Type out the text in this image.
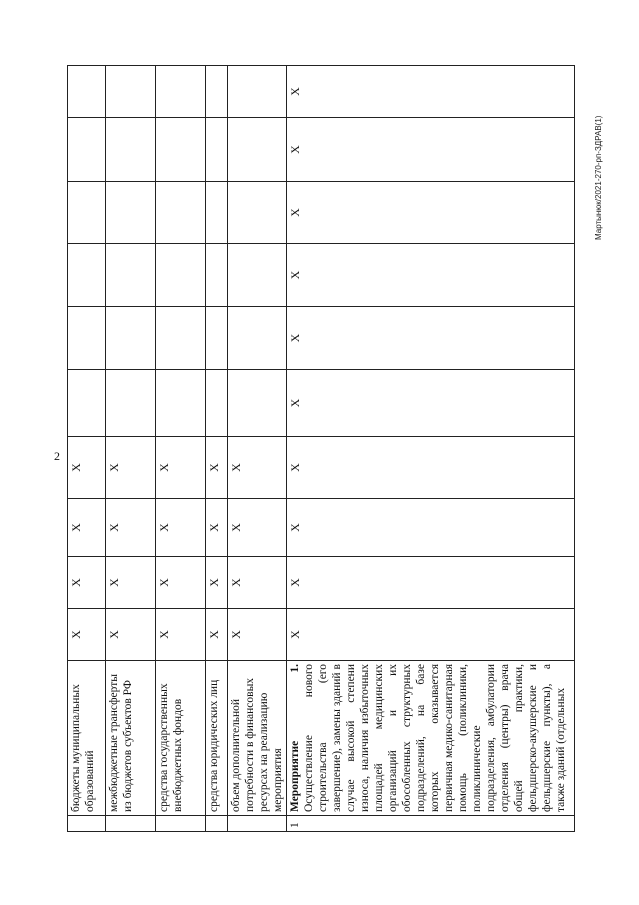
2
Мартынюк/2021-270-рп-ЗДРАВ(1)
	бюджеты муниципальных образований	X	X	X	X						
	межбюджетные трансферты из бюджетов субъектов РФ	X	X	X	X						
	средства государственных внебюджетных фондов	X	X	X	X						
	средства юридических лиц	X	X	X	X						
	объем дополнительной потребности в финансовых ресурсах на реализацию мероприятия	X	X	X	X						
1	Мероприятие 1. Осуществление нового строительства (его завершение), замены зданий в случае высокой степени износа, наличия избыточных площадей медицинских организаций и их обособленных структурных подразделений, на базе которых оказывается первичная медико-санитарная помощь (поликлиники, поликлинические подразделения, амбулатории отделения (центры) врача общей практики, фельдшерско-акушерские и фельдшерские пункты), а также зданий (отдельных	X	X	X	X	X	X	X	X	X	X
